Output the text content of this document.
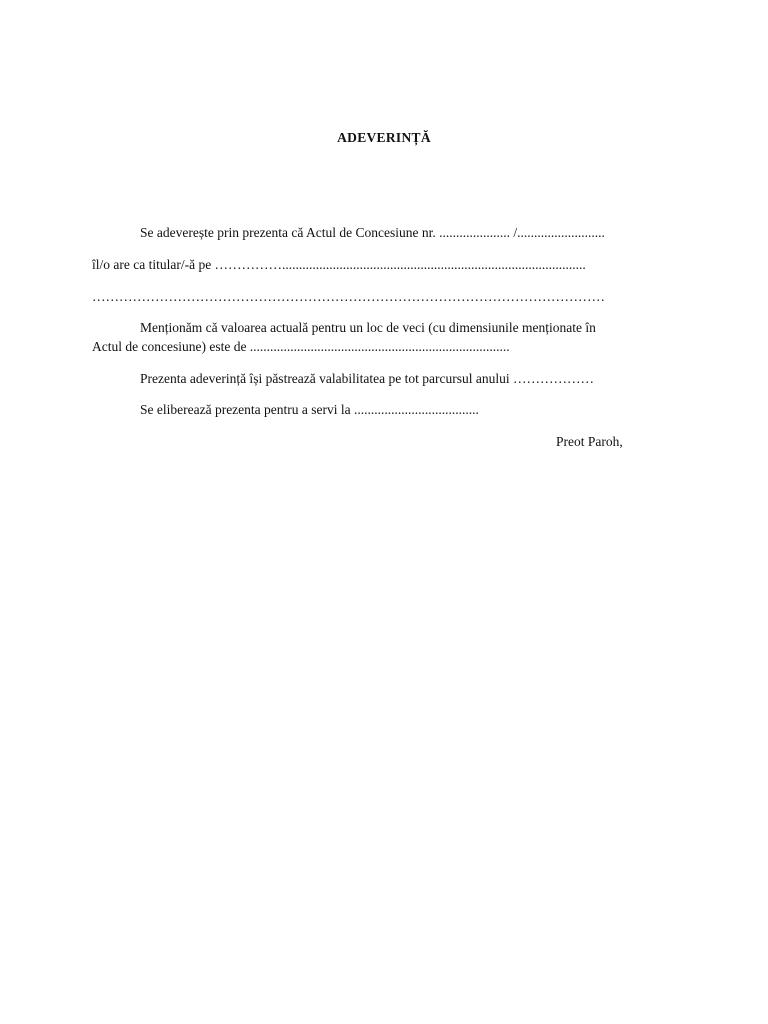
ADEVERINȚĂ
Se adeverește prin prezenta că Actul de Concesiune nr. ..................... /..........................
îl/o are ca titular/-ă pe ……………..........................................................................................
……………………………………………………………………………………………………
Menționăm că valoarea actuală pentru un loc de veci (cu dimensiunile menționate în
Actul de concesiune) este de .............................................................................
Prezenta adeverință își păstrează valabilitatea pe tot parcursul anului ………………
Se eliberează prezenta pentru a servi la .....................................
Preot Paroh,
